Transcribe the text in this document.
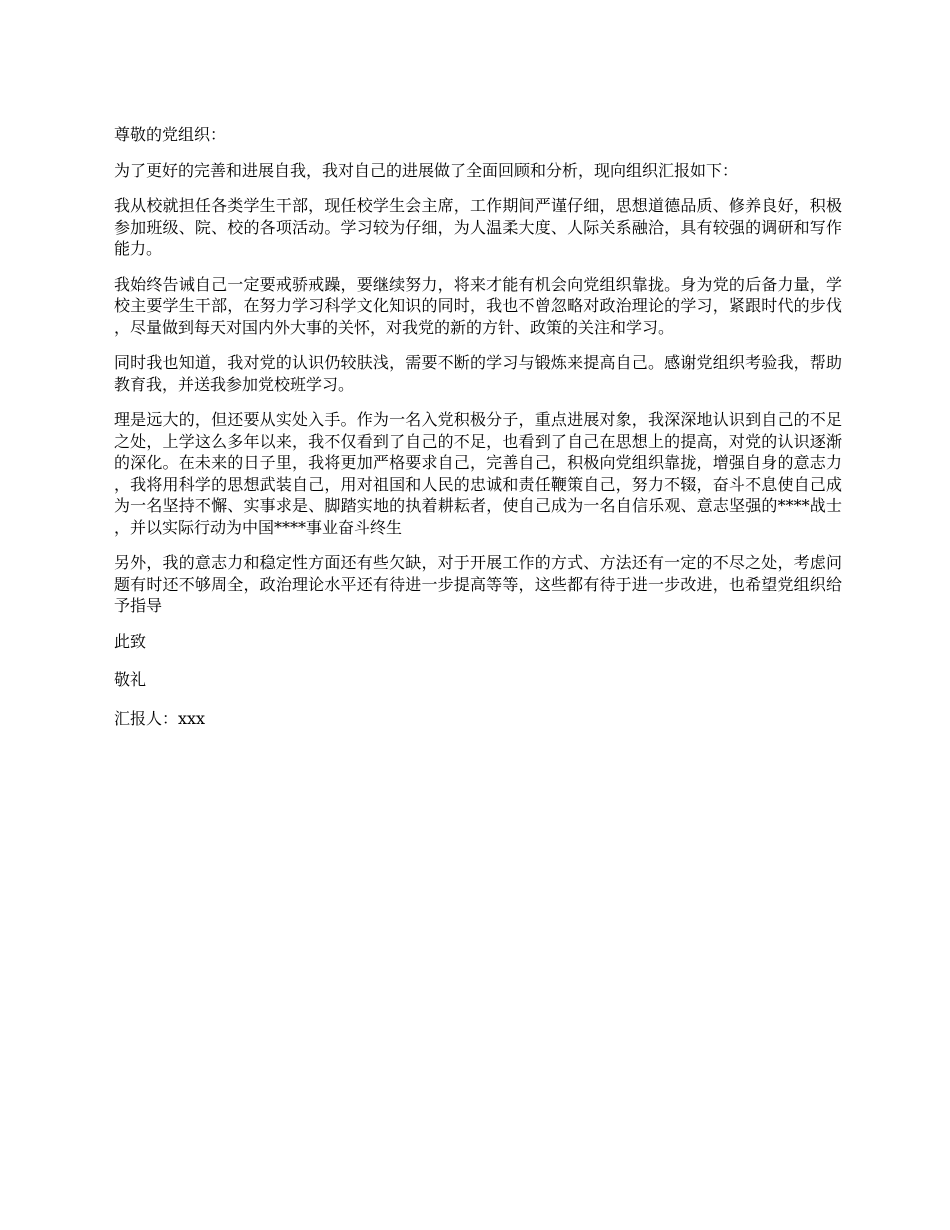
尊敬的党组织：

为了更好的完善和进展自我，我对自己的进展做了全面回顾和分析，现向组织汇报如下：

我从校就担任各类学生干部，现任校学生会主席，工作期间严谨仔细，思想道德品质、修养良好，积极参加班级、院、校的各项活动。学习较为仔细，为人温柔大度、人际关系融洽，具有较强的调研和写作能力。

我始终告诫自己一定要戒骄戒躁，要继续努力，将来才能有机会向党组织靠拢。身为党的后备力量，学校主要学生干部，在努力学习科学文化知识的同时，我也不曾忽略对政治理论的学习，紧跟时代的步伐，尽量做到每天对国内外大事的关怀，对我党的新的方针、政策的关注和学习。

同时我也知道，我对党的认识仍较肤浅，需要不断的学习与锻炼来提高自己。感谢党组织考验我，帮助教育我，并送我参加党校班学习。

理是远大的，但还要从实处入手。作为一名入党积极分子，重点进展对象，我深深地认识到自己的不足之处，上学这么多年以来，我不仅看到了自己的不足，也看到了自己在思想上的提高，对党的认识逐渐的深化。在未来的日子里，我将更加严格要求自己，完善自己，积极向党组织靠拢，增强自身的意志力，我将用科学的思想武装自己，用对祖国和人民的忠诚和责任鞭策自己，努力不辍，奋斗不息使自己成为一名坚持不懈、实事求是、脚踏实地的执着耕耘者，使自己成为一名自信乐观、意志坚强的****战士，并以实际行动为中国****事业奋斗终生

另外，我的意志力和稳定性方面还有些欠缺，对于开展工作的方式、方法还有一定的不尽之处，考虑问题有时还不够周全，政治理论水平还有待进一步提高等等，这些都有待于进一步改进，也希望党组织给予指导

此致

敬礼

汇报人：xxx
